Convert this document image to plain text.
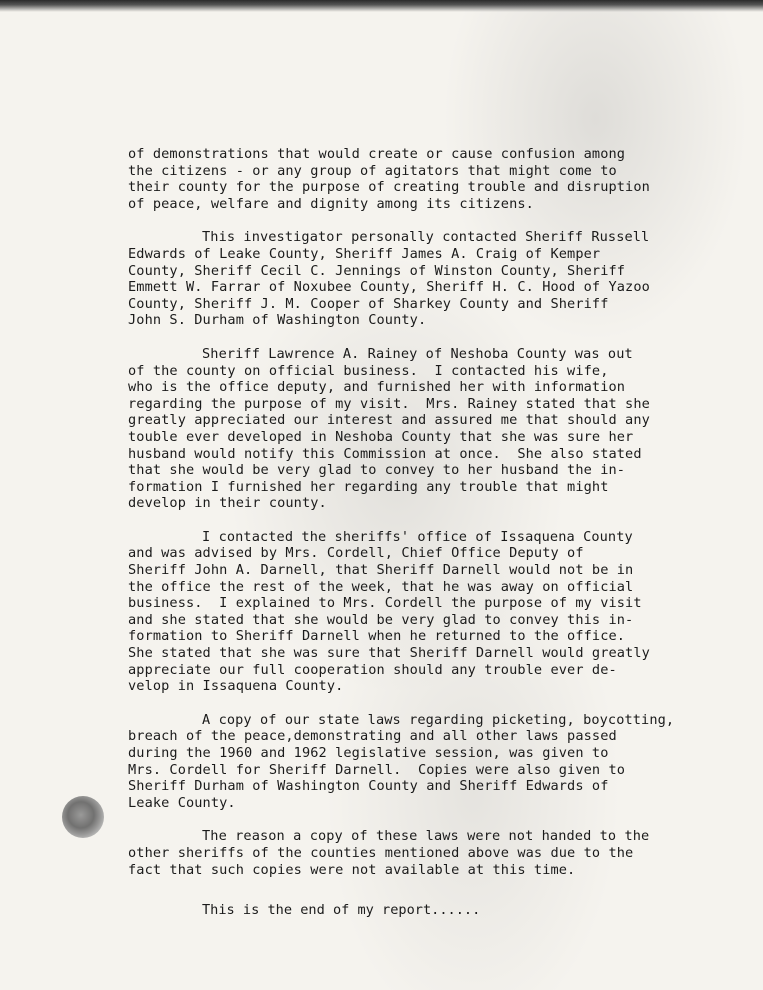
of demonstrations that would create or cause confusion among
the citizens - or any group of agitators that might come to
their county for the purpose of creating trouble and disruption
of peace, welfare and dignity among its citizens.
This investigator personally contacted Sheriff Russell
Edwards of Leake County, Sheriff James A. Craig of Kemper
County, Sheriff Cecil C. Jennings of Winston County, Sheriff
Emmett W. Farrar of Noxubee County, Sheriff H. C. Hood of Yazoo
County, Sheriff J. M. Cooper of Sharkey County and Sheriff
John S. Durham of Washington County.
Sheriff Lawrence A. Rainey of Neshoba County was out
of the county on official business.  I contacted his wife,
who is the office deputy, and furnished her with information
regarding the purpose of my visit.  Mrs. Rainey stated that she
greatly appreciated our interest and assured me that should any
touble ever developed in Neshoba County that she was sure her
husband would notify this Commission at once.  She also stated
that she would be very glad to convey to her husband the in-
formation I furnished her regarding any trouble that might
develop in their county.
I contacted the sheriffs' office of Issaquena County
and was advised by Mrs. Cordell, Chief Office Deputy of
Sheriff John A. Darnell, that Sheriff Darnell would not be in
the office the rest of the week, that he was away on official
business.  I explained to Mrs. Cordell the purpose of my visit
and she stated that she would be very glad to convey this in-
formation to Sheriff Darnell when he returned to the office.
She stated that she was sure that Sheriff Darnell would greatly
appreciate our full cooperation should any trouble ever de-
velop in Issaquena County.
A copy of our state laws regarding picketing, boycotting,
breach of the peace,demonstrating and all other laws passed
during the 1960 and 1962 legislative session, was given to
Mrs. Cordell for Sheriff Darnell.  Copies were also given to
Sheriff Durham of Washington County and Sheriff Edwards of
Leake County.
The reason a copy of these laws were not handed to the
other sheriffs of the counties mentioned above was due to the
fact that such copies were not available at this time.
This is the end of my report......
